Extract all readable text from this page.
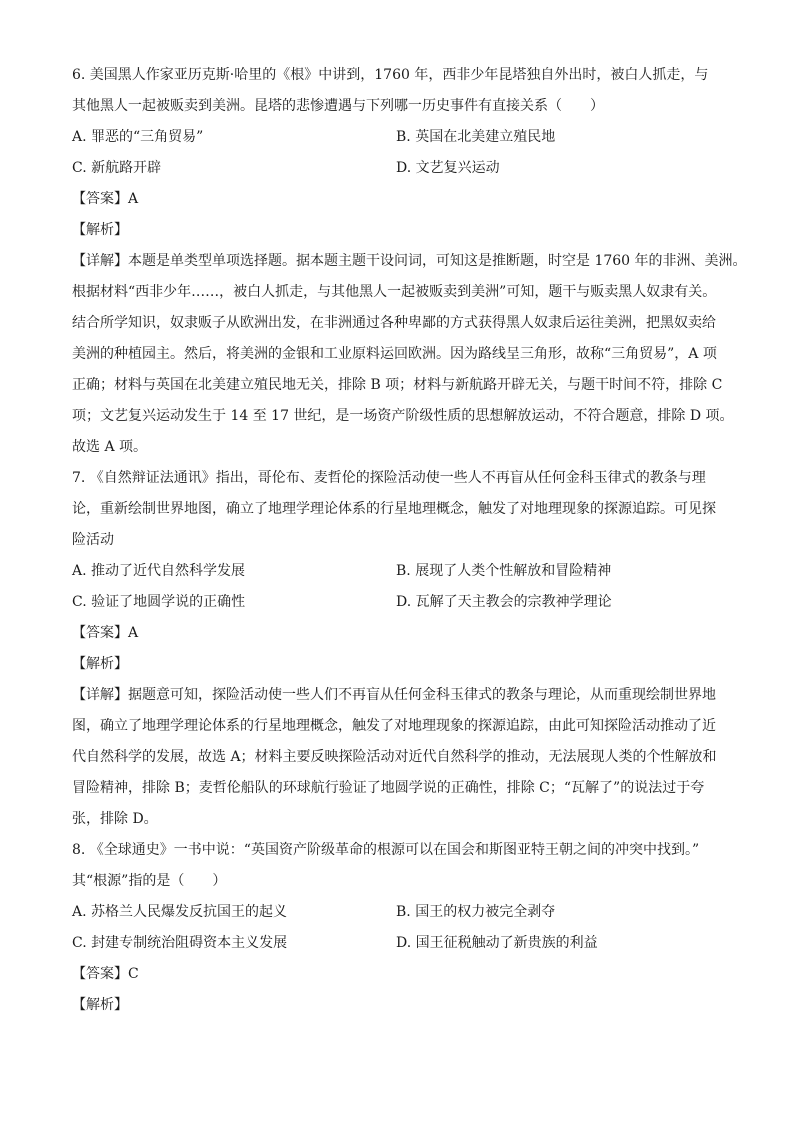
6. 美国黑人作家亚历克斯·哈里的《根》中讲到，1760 年，西非少年昆塔独自外出时，被白人抓走，与
其他黑人一起被贩卖到美洲。昆塔的悲惨遭遇与下列哪一历史事件有直接关系（　　）
A. 罪恶的“三角贸易”	B. 英国在北美建立殖民地
C. 新航路开辟	D. 文艺复兴运动
【答案】A
【解析】
【详解】本题是单类型单项选择题。据本题主题干设问词，可知这是推断题，时空是 1760 年的非洲、美洲。
根据材料“西非少年……，被白人抓走，与其他黑人一起被贩卖到美洲”可知，题干与贩卖黑人奴隶有关。
结合所学知识，奴隶贩子从欧洲出发，在非洲通过各种卑鄙的方式获得黑人奴隶后运往美洲，把黑奴卖给
美洲的种植园主。然后，将美洲的金银和工业原料运回欧洲。因为路线呈三角形，故称“三角贸易”，A 项
正确；材料与英国在北美建立殖民地无关，排除 B 项；材料与新航路开辟无关，与题干时间不符，排除 C
项；文艺复兴运动发生于 14 至 17 世纪，是一场资产阶级性质的思想解放运动，不符合题意，排除 D 项。
故选 A 项。
7. 《自然辩证法通讯》指出，哥伦布、麦哲伦的探险活动使一些人不再盲从任何金科玉律式的教条与理
论，重新绘制世界地图，确立了地理学理论体系的行星地理概念，触发了对地理现象的探源追踪。可见探
险活动
A. 推动了近代自然科学发展	B. 展现了人类个性解放和冒险精神
C. 验证了地圆学说的正确性	D. 瓦解了天主教会的宗教神学理论
【答案】A
【解析】
【详解】据题意可知，探险活动使一些人们不再盲从任何金科玉律式的教条与理论，从而重现绘制世界地
图，确立了地理学理论体系的行星地理概念，触发了对地理现象的探源追踪，由此可知探险活动推动了近
代自然科学的发展，故选 A；材料主要反映探险活动对近代自然科学的推动，无法展现人类的个性解放和
冒险精神，排除 B；麦哲伦船队的环球航行验证了地圆学说的正确性，排除 C；“瓦解了”的说法过于夸
张，排除 D。
8. 《全球通史》一书中说：“英国资产阶级革命的根源可以在国会和斯图亚特王朝之间的冲突中找到。”
其“根源”指的是（　　）
A. 苏格兰人民爆发反抗国王的起义	B. 国王的权力被完全剥夺
C. 封建专制统治阻碍资本主义发展	D. 国王征税触动了新贵族的利益
【答案】C
【解析】
